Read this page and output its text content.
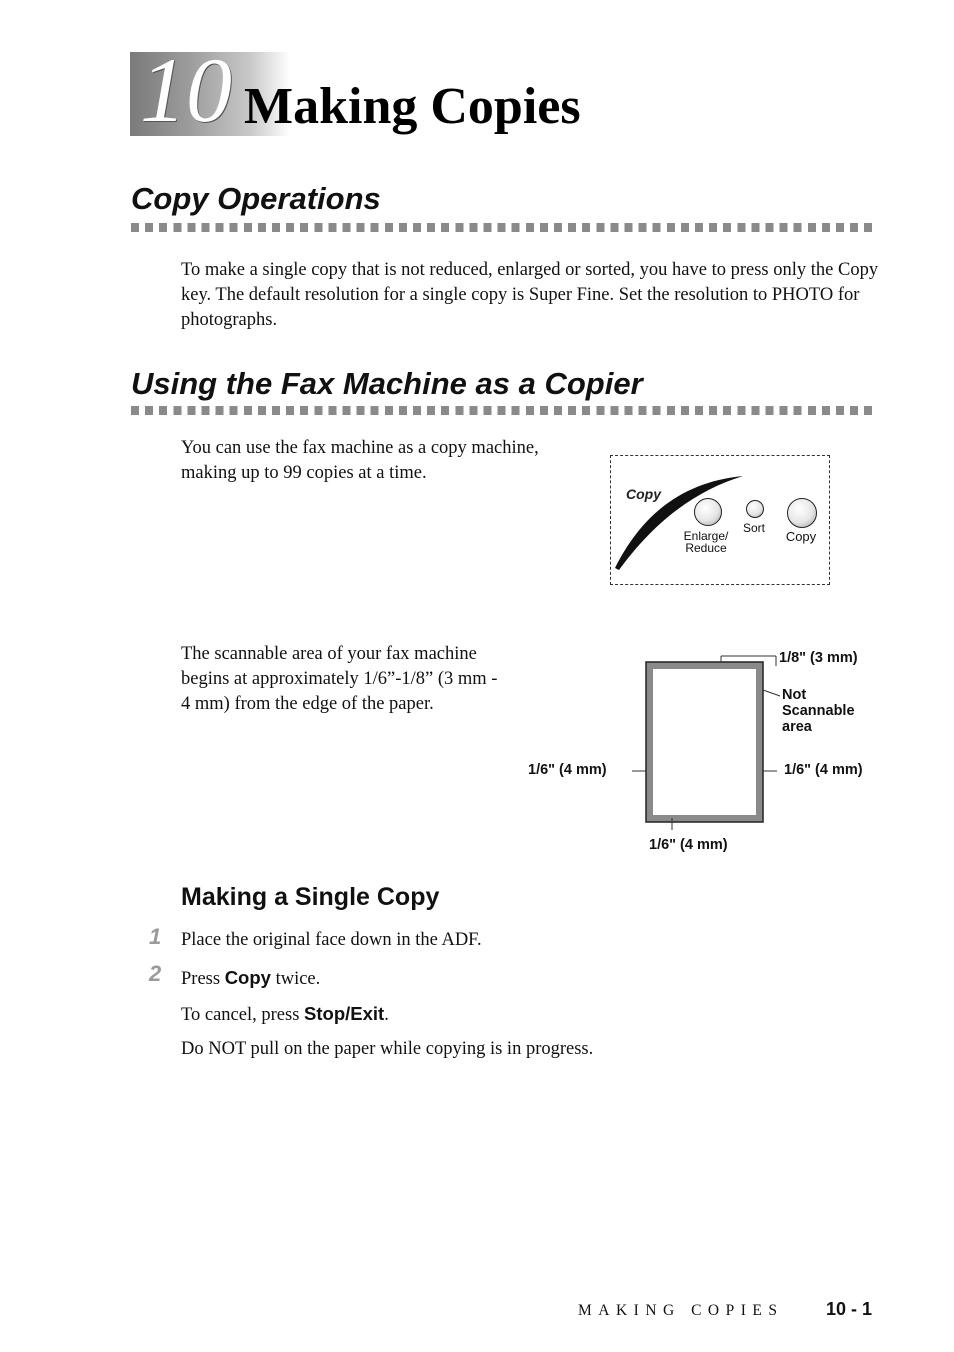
10 Making Copies
Copy Operations
To make a single copy that is not reduced, enlarged or sorted, you have to press only the Copy key. The default resolution for a single copy is Super Fine. Set the resolution to PHOTO for photographs.
Using the Fax Machine as a Copier
You can use the fax machine as a copy machine, making up to 99 copies at a time.
Copy
Enlarge/
Reduce
Sort
Copy
The scannable area of your fax machine begins at approximately 1/6”-1/8” (3 mm - 4 mm) from the edge of the paper.
1/8" (3 mm)
Not
Scannable
area
1/6" (4 mm)	1/6" (4 mm)
1/6" (4 mm)
Making a Single Copy
1 Place the original face down in the ADF.
2 Press Copy twice.
To cancel, press Stop/Exit.
Do NOT pull on the paper while copying is in progress.
MAKING COPIES 10 - 1
